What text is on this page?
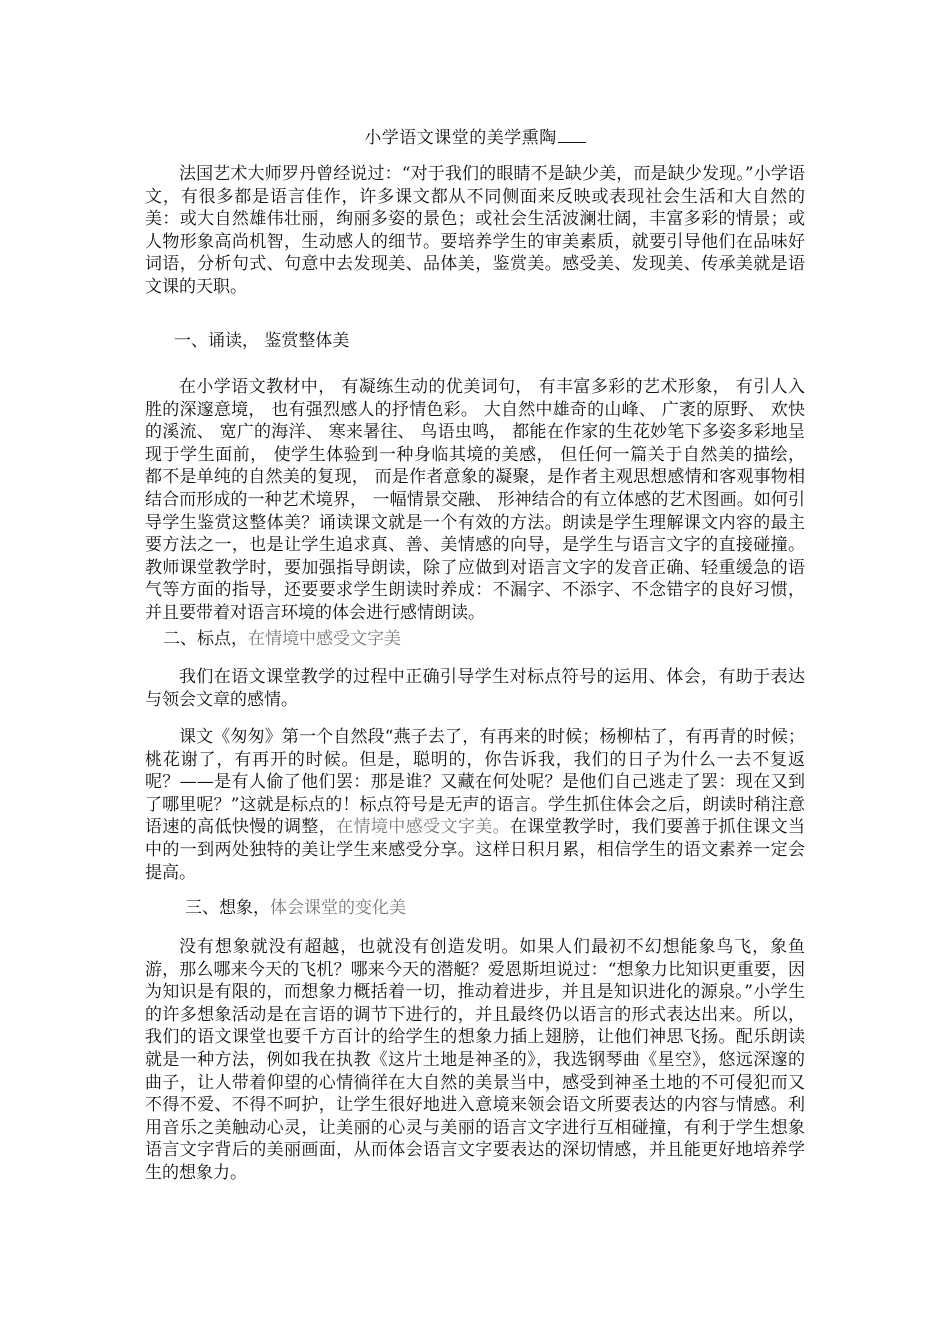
小学语文课堂的美学熏陶

法国艺术大师罗丹曾经说过：“对于我们的眼睛不是缺少美，而是缺少发现。”小学语文，有很多都是语言佳作，许多课文都从不同侧面来反映或表现社会生活和大自然的美：或大自然雄伟壮丽，绚丽多姿的景色；或社会生活波澜壮阔，丰富多彩的情景；或人物形象高尚机智，生动感人的细节。要培养学生的审美素质，就要引导他们在品味好词语，分析句式、句意中去发现美、品体美，鉴赏美。感受美、发现美、传承美就是语文课的天职。

一、诵读， 鉴赏整体美

在小学语文教材中， 有凝练生动的优美词句， 有丰富多彩的艺术形象， 有引人入胜的深邃意境， 也有强烈感人的抒情色彩。 大自然中雄奇的山峰、 广袤的原野、 欢快的溪流、 宽广的海洋、 寒来暑往、 鸟语虫鸣， 都能在作家的生花妙笔下多姿多彩地呈现于学生面前， 使学生体验到一种身临其境的美感， 但任何一篇关于自然美的描绘， 都不是单纯的自然美的复现， 而是作者意象的凝聚，是作者主观思想感情和客观事物相结合而形成的一种艺术境界， 一幅情景交融、 形神结合的有立体感的艺术图画。如何引导学生鉴赏这整体美？诵读课文就是一个有效的方法。朗读是学生理解课文内容的最主要方法之一，也是让学生追求真、善、美情感的向导，是学生与语言文字的直接碰撞。教师课堂教学时，要加强指导朗读，除了应做到对语言文字的发音正确、轻重缓急的语气等方面的指导，还要要求学生朗读时养成：不漏字、不添字、不念错字的良好习惯，并且要带着对语言环境的体会进行感情朗读。

二、标点，在情境中感受文字美

我们在语文课堂教学的过程中正确引导学生对标点符号的运用、体会，有助于表达与领会文章的感情。

课文《匆匆》第一个自然段“燕子去了，有再来的时候；杨柳枯了，有再青的时候；桃花谢了，有再开的时候。但是，聪明的，你告诉我，我们的日子为什么一去不复返呢？——是有人偷了他们罢：那是谁？又藏在何处呢？是他们自己逃走了罢：现在又到了哪里呢？”这就是标点的！标点符号是无声的语言。学生抓住体会之后，朗读时稍注意语速的高低快慢的调整，在情境中感受文字美。在课堂教学时，我们要善于抓住课文当中的一到两处独特的美让学生来感受分享。这样日积月累，相信学生的语文素养一定会提高。

三、想象，体会课堂的变化美

没有想象就没有超越，也就没有创造发明。如果人们最初不幻想能象鸟飞，象鱼游，那么哪来今天的飞机？哪来今天的潜艇？爱恩斯坦说过：“想象力比知识更重要，因为知识是有限的，而想象力概括着一切，推动着进步，并且是知识进化的源泉。”小学生的许多想象活动是在言语的调节下进行的，并且最终仍以语言的形式表达出来。所以，我们的语文课堂也要千方百计的给学生的想象力插上翅膀，让他们神思飞扬。配乐朗读就是一种方法，例如我在执教《这片土地是神圣的》，我选钢琴曲《星空》，悠远深邃的曲子，让人带着仰望的心情徜徉在大自然的美景当中，感受到神圣土地的不可侵犯而又不得不爱、不得不呵护，让学生很好地进入意境来领会语文所要表达的内容与情感。利用音乐之美触动心灵，让美丽的心灵与美丽的语言文字进行互相碰撞，有利于学生想象语言文字背后的美丽画面，从而体会语言文字要表达的深切情感，并且能更好地培养学生的想象力。
